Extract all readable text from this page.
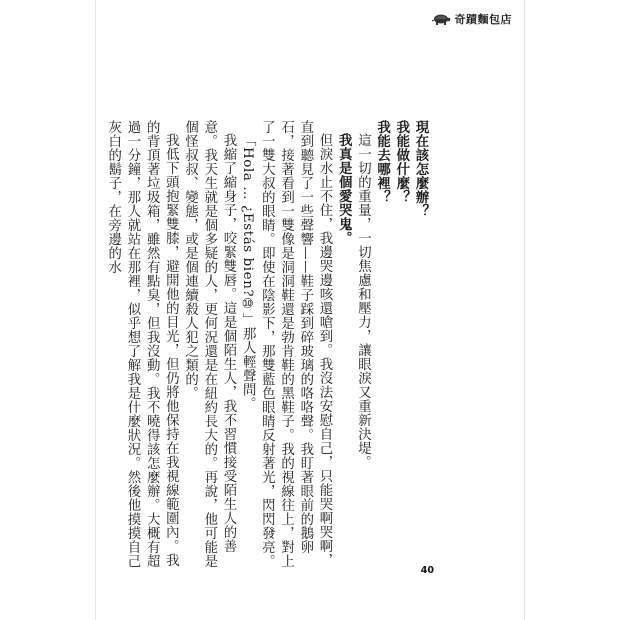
奇蹟麵包店

現在該怎麼辦？

我能做什麼？

我能去哪裡？

這一切的重量，一切焦慮和壓力，讓眼淚又重新決堤。

我真是個愛哭鬼。

但淚水止不住，我邊哭邊咳還嗆到。我沒法安慰自己，只能哭啊哭啊，直到聽見了一些聲響——鞋子踩到碎玻璃的咯咯聲。我盯著眼前的鵝卵石，接著看到一雙像是洞洞鞋還是勃肯鞋的黑鞋子。我的視線往上，對上了一雙大叔的眼睛。即使在陰影下，那雙藍色眼睛反射著光，閃閃發亮。

「Hola … ¿Estás bien?⑩」那人輕聲問。

我縮了縮身子，咬緊雙唇。這是個陌生人，我不習慣接受陌生人的善意。我天生就是個多疑的人，更何況還是在紐約長大的。再說，他可能是個怪叔叔、變態，或是個連續殺人犯之類的。

我低下頭抱緊雙膝，避開他的目光，但仍將他保持在我視線範圍內。我的背頂著垃圾箱，雖然有點臭，但我沒動。我不曉得該怎麼辦。大概有超過一分鐘，那人就站在那裡，似乎想了解我是什麼狀況。然後他摸摸自己灰白的鬍子，在旁邊的水

40
